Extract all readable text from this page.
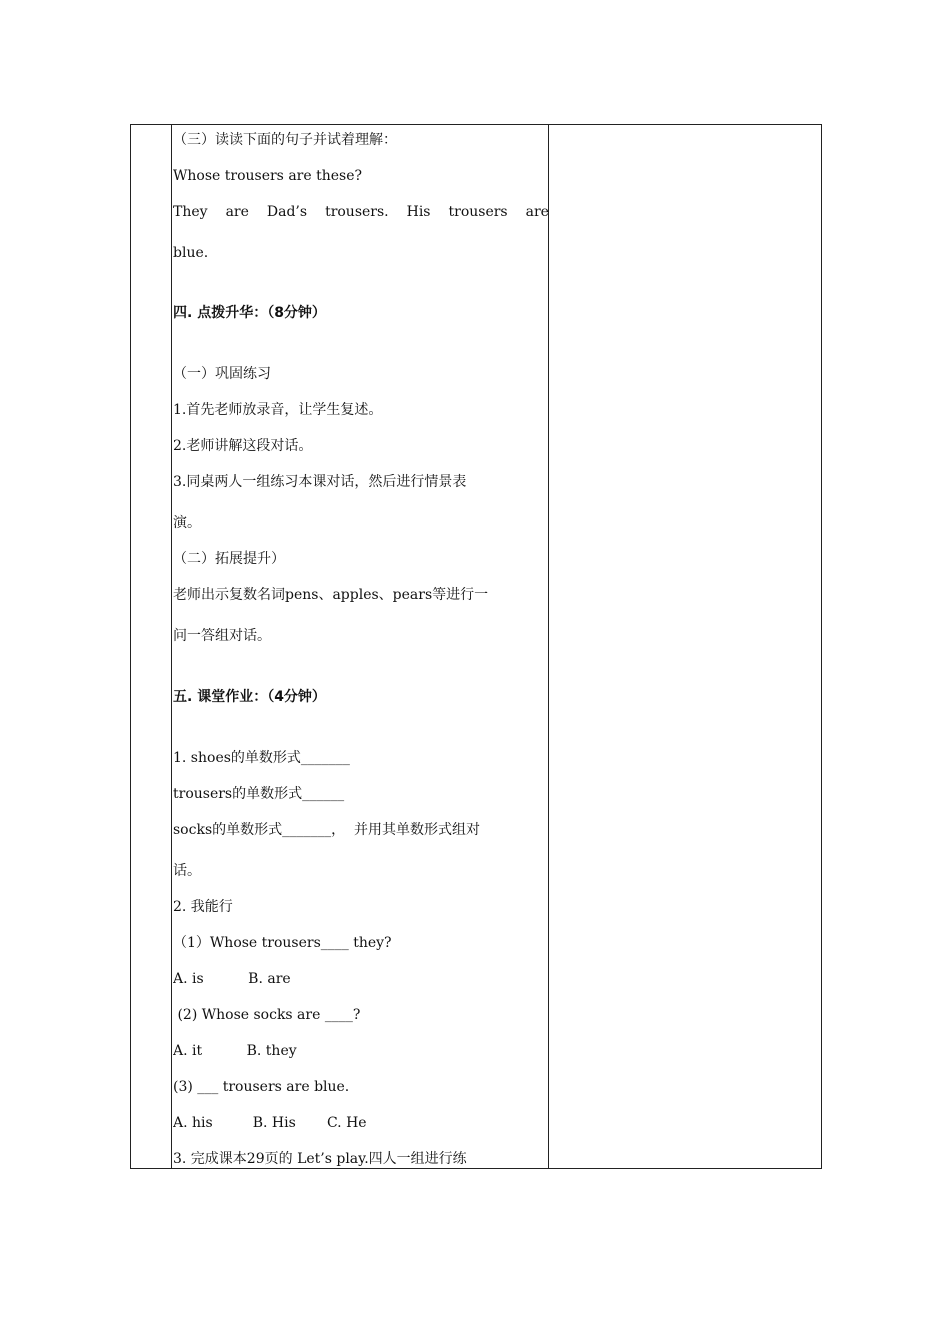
（三）读读下面的句子并试着理解：
Whose trousers are these?
They are Dad’s trousers. His trousers are
blue.
四. 点拨升华：（8分钟）
（一）巩固练习
1.首先老师放录音，让学生复述。
2.老师讲解这段对话。
3.同桌两人一组练习本课对话，然后进行情景表
演。
（二）拓展提升）
老师出示复数名词pens、apples、pears等进行一
问一答组对话。
五. 课堂作业：（4分钟）
1. shoes的单数形式_______
trousers的单数形式______
socks的单数形式_______，  并用其单数形式组对
话。
2. 我能行
（1）Whose trousers____ they?
A. is          B. are
(2) Whose socks are ____?
A. it          B. they
(3) ___ trousers are blue.
A. his         B. His       C. He
3. 完成课本29页的 Let’s play.四人一组进行练
